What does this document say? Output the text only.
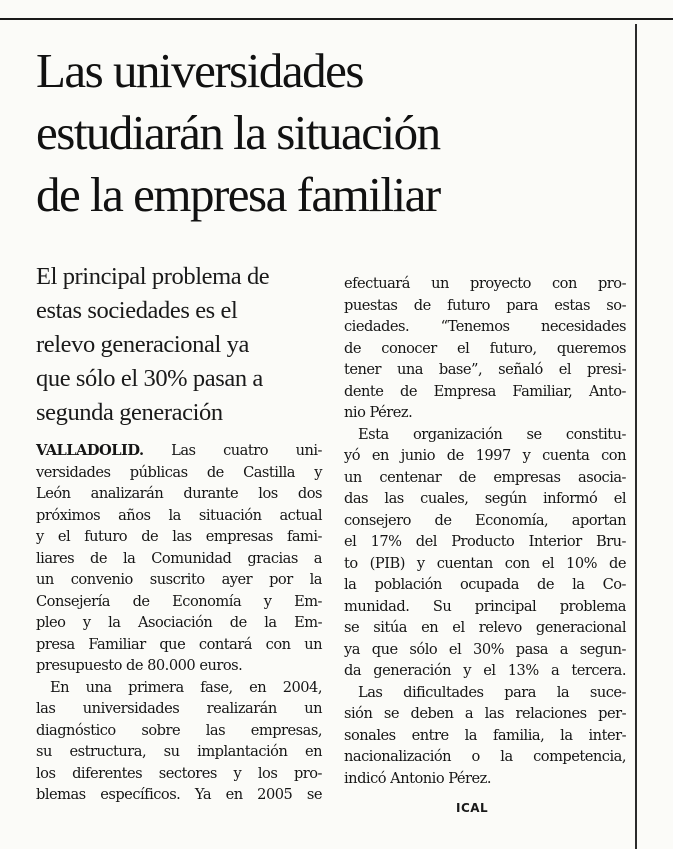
Las universidades
estudiarán la situación
de la empresa familiar
El principal problema de
estas sociedades es el
relevo generacional ya
que sólo el 30% pasan a
segunda generación
VALLADOLID. Las cuatro uni-
versidades públicas de Castilla y
León analizarán durante los dos
próximos años la situación actual
y el futuro de las empresas fami-
liares de la Comunidad gracias a
un convenio suscrito ayer por la
Consejería de Economía y Em-
pleo y la Asociación de la Em-
presa Familiar que contará con un
presupuesto de 80.000 euros.
En una primera fase, en 2004,
las universidades realizarán un
diagnóstico sobre las empresas,
su estructura, su implantación en
los diferentes sectores y los pro-
blemas específicos. Ya en 2005 se
efectuará un proyecto con pro-
puestas de futuro para estas so-
ciedades. “Tenemos necesidades
de conocer el futuro, queremos
tener una base”, señaló el presi-
dente de Empresa Familiar, Anto-
nio Pérez.
Esta organización se constitu-
yó en junio de 1997 y cuenta con
un centenar de empresas asocia-
das las cuales, según informó el
consejero de Economía, aportan
el 17% del Producto Interior Bru-
to (PIB) y cuentan con el 10% de
la población ocupada de la Co-
munidad. Su principal problema
se sitúa en el relevo generacional
ya que sólo el 30% pasa a segun-
da generación y el 13% a tercera.
Las dificultades para la suce-
sión se deben a las relaciones per-
sonales entre la familia, la inter-
nacionalización o la competencia,
indicó Antonio Pérez.
ICAL
